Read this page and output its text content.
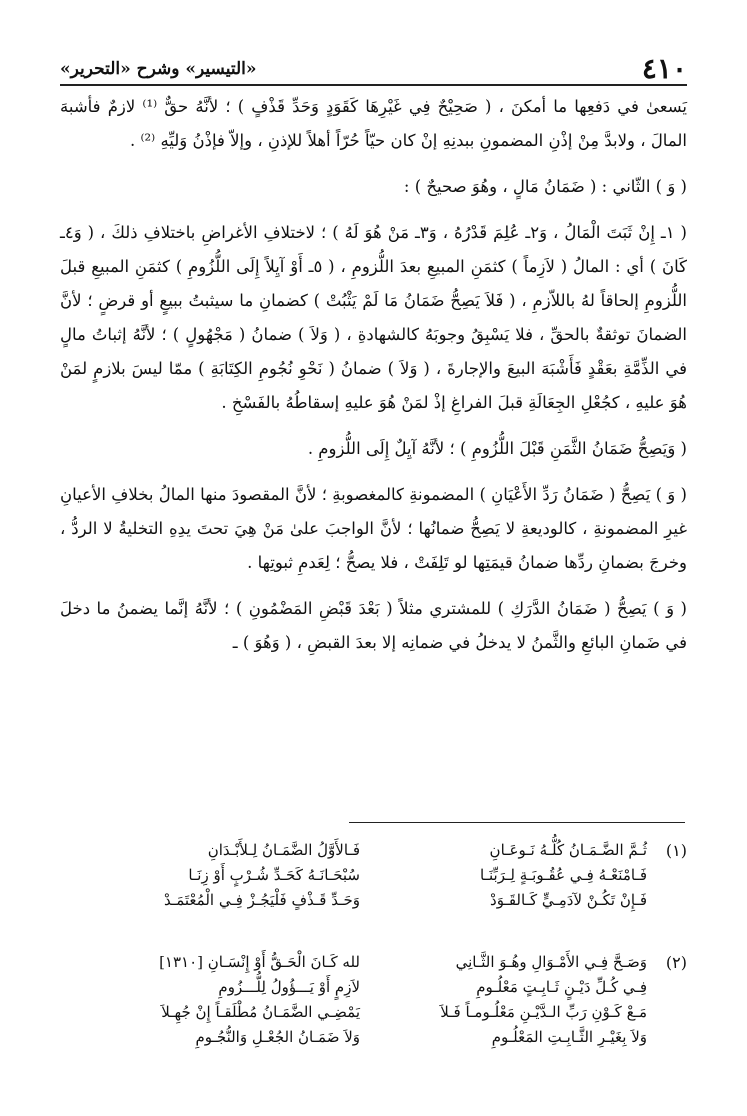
٤١٠
«التيسير» وشرح «التحرير»

يَسعىٰ في دَفعِها ما أمكنَ ، ( صَحِيْحٌ فِي غَيْرِهَا كَقَوَدٍ وَحَدِّ قَذْفٍ ) ؛ لأنَّهُ حقٌّ ⁽¹⁾ لازمٌ فأشبهَ المالَ ، ولابدَّ مِنْ إذْنِ المضمونِ ببدنِهِ إنْ كان حيّاً حُرّاً أهلاً للإذنِ ، وإلاّ فإذْنُ وَليِّهِ ⁽²⁾ .

( وَ ) الثّاني : ( ضَمَانُ مَالٍ ، وهُوَ صحيحٌ ) :

( ١ـ إِنْ ثَبَتَ الْمَالُ ، وَ٢ـ عُلِمَ قَدْرُهُ ، وَ٣ـ مَنْ هُوَ لَهُ ) ؛ لاختلافِ الأغراضِ باختلافِ ذلكَ ، ( وَ٤ـ كَانَ ) أي : المالُ ( لاَزِماً ) كثمَنِ المبيعِ بعدَ اللُّزومِ ، ( ٥ـ أَوْ آيِلاً إِلَى اللُّزُومِ ) كثمَنِ المبيعِ قبلَ اللُّزومِ إلحاقاً لهُ باللاّزمِ ، ( فَلاَ يَصِحُّ ضَمَانُ مَا لَمْ يَثْبُتْ ) كضمانِ ما سيثبتُ ببيعٍ أو قرضٍ ؛ لأنَّ الضمانَ توثقةٌ بالحقِّ ، فلا يَسْبِقُ وجوبَهُ كالشهادةِ ، ( وَلاَ ) ضمانُ ( مَجْهُولٍ ) ؛ لأنَّهُ إثباتُ مالٍ في الذِّمَّةِ بعَقْدٍ فَأَشْبَهَ البيعَ والإجارةَ ، ( وَلاَ ) ضمانُ ( نَحْوِ نُجُومِ الكِتَابَةِ ) ممّا ليسَ بلازمٍ لمَنْ هُوَ عليهِ ، كجُعْلِ الجِعَالَةِ قبلَ الفراغِ إذْ لمَنْ هُوَ عليهِ إسقاطُهُ بالفَسْخِ .

( وَيَصِحُّ ضَمَانُ الثَّمَنِ قَبْلَ اللُّزُومِ ) ؛ لأنَّهُ آيِلٌ إِلَى اللُّزومِ .

( وَ ) يَصِحُّ ( ضَمَانُ رَدِّ الأَعْيَانِ ) المضمونةِ كالمغصوبةِ ؛ لأنَّ المقصودَ منها المالُ بخلافِ الأعيانِ غيرِ المضمونةِ ، كالوديعةِ لا يَصِحُّ ضمانُها ؛ لأنَّ الواجبَ علىٰ مَنْ هِيَ تحتَ يدِهِ التخليةُ لا الردُّ ، وخرجَ بضمانِ ردِّها ضمانُ قيمَتِها لو تَلِفَتْ ، فلا يصحُّ ؛ لِعَدمِ ثبوتِها .

( وَ ) يَصِحُّ ( ضَمَانُ الدَّرَكِ ) للمشتري مثلاً ( بَعْدَ قَبْضِ المَضْمُونِ ) ؛ لأنَّهُ إنَّما يضمنُ ما دخلَ في ضَمانِ البائعِ والثَّمنُ لا يدخلُ في ضمانِه إلا بعدَ القبضِ ، ( وَهُوَ ) ـ

(١)
ثُـمَّ الضَّـمَـانُ كُلُّـهُ نَـوعَـانِ
فَـامْنَعْـهُ فِـي عُقُـوبَـةٍ لِـرَبِّنَـا
فَـإِنْ تَكُـنْ لآدَمِـيٍّ كَـالقَـوَدْ
فَـالأَوَّلُ الضَّمَـانُ لِـلأَبْـدَانِ
سُبْحَـانَـهُ كَحَـدِّ شُـرْبٍ أَوْ زِنَـا
وَحَـدِّ قَـذْفٍ فَلْيَجُـزْ فِـي الْمُعْتَمَـدْ
(٢)
وَصَـحَّ فِـي الأَمْـوَالِ وهُـوَ الثَّـانِي
فِـي كُـلِّ دَيْـنٍ ثَـابِـتٍ مَعْلُـومِ
مَـعْ كَـوْنِ رَبِّ الـدَّيْـنِ مَعْلُـومـاً فَـلاَ
وَلاَ بِغَيْـرِ الثَّـابِـتِ المَعْلُـومِ
لله كَـانَ الْحَـقُّ أَوْ إِنْسَـانِ [١٣١٠]
لاَزِمٍ أَوْ يَـــؤُولُ لِلُّـــزُومِ
يَمْضِـي الضَّمَـانُ مُطْلَقـاً إِنْ جُهِـلاَ
وَلاَ ضَمَـانُ الجُعْـلِ وَالنُّجُـومِ
